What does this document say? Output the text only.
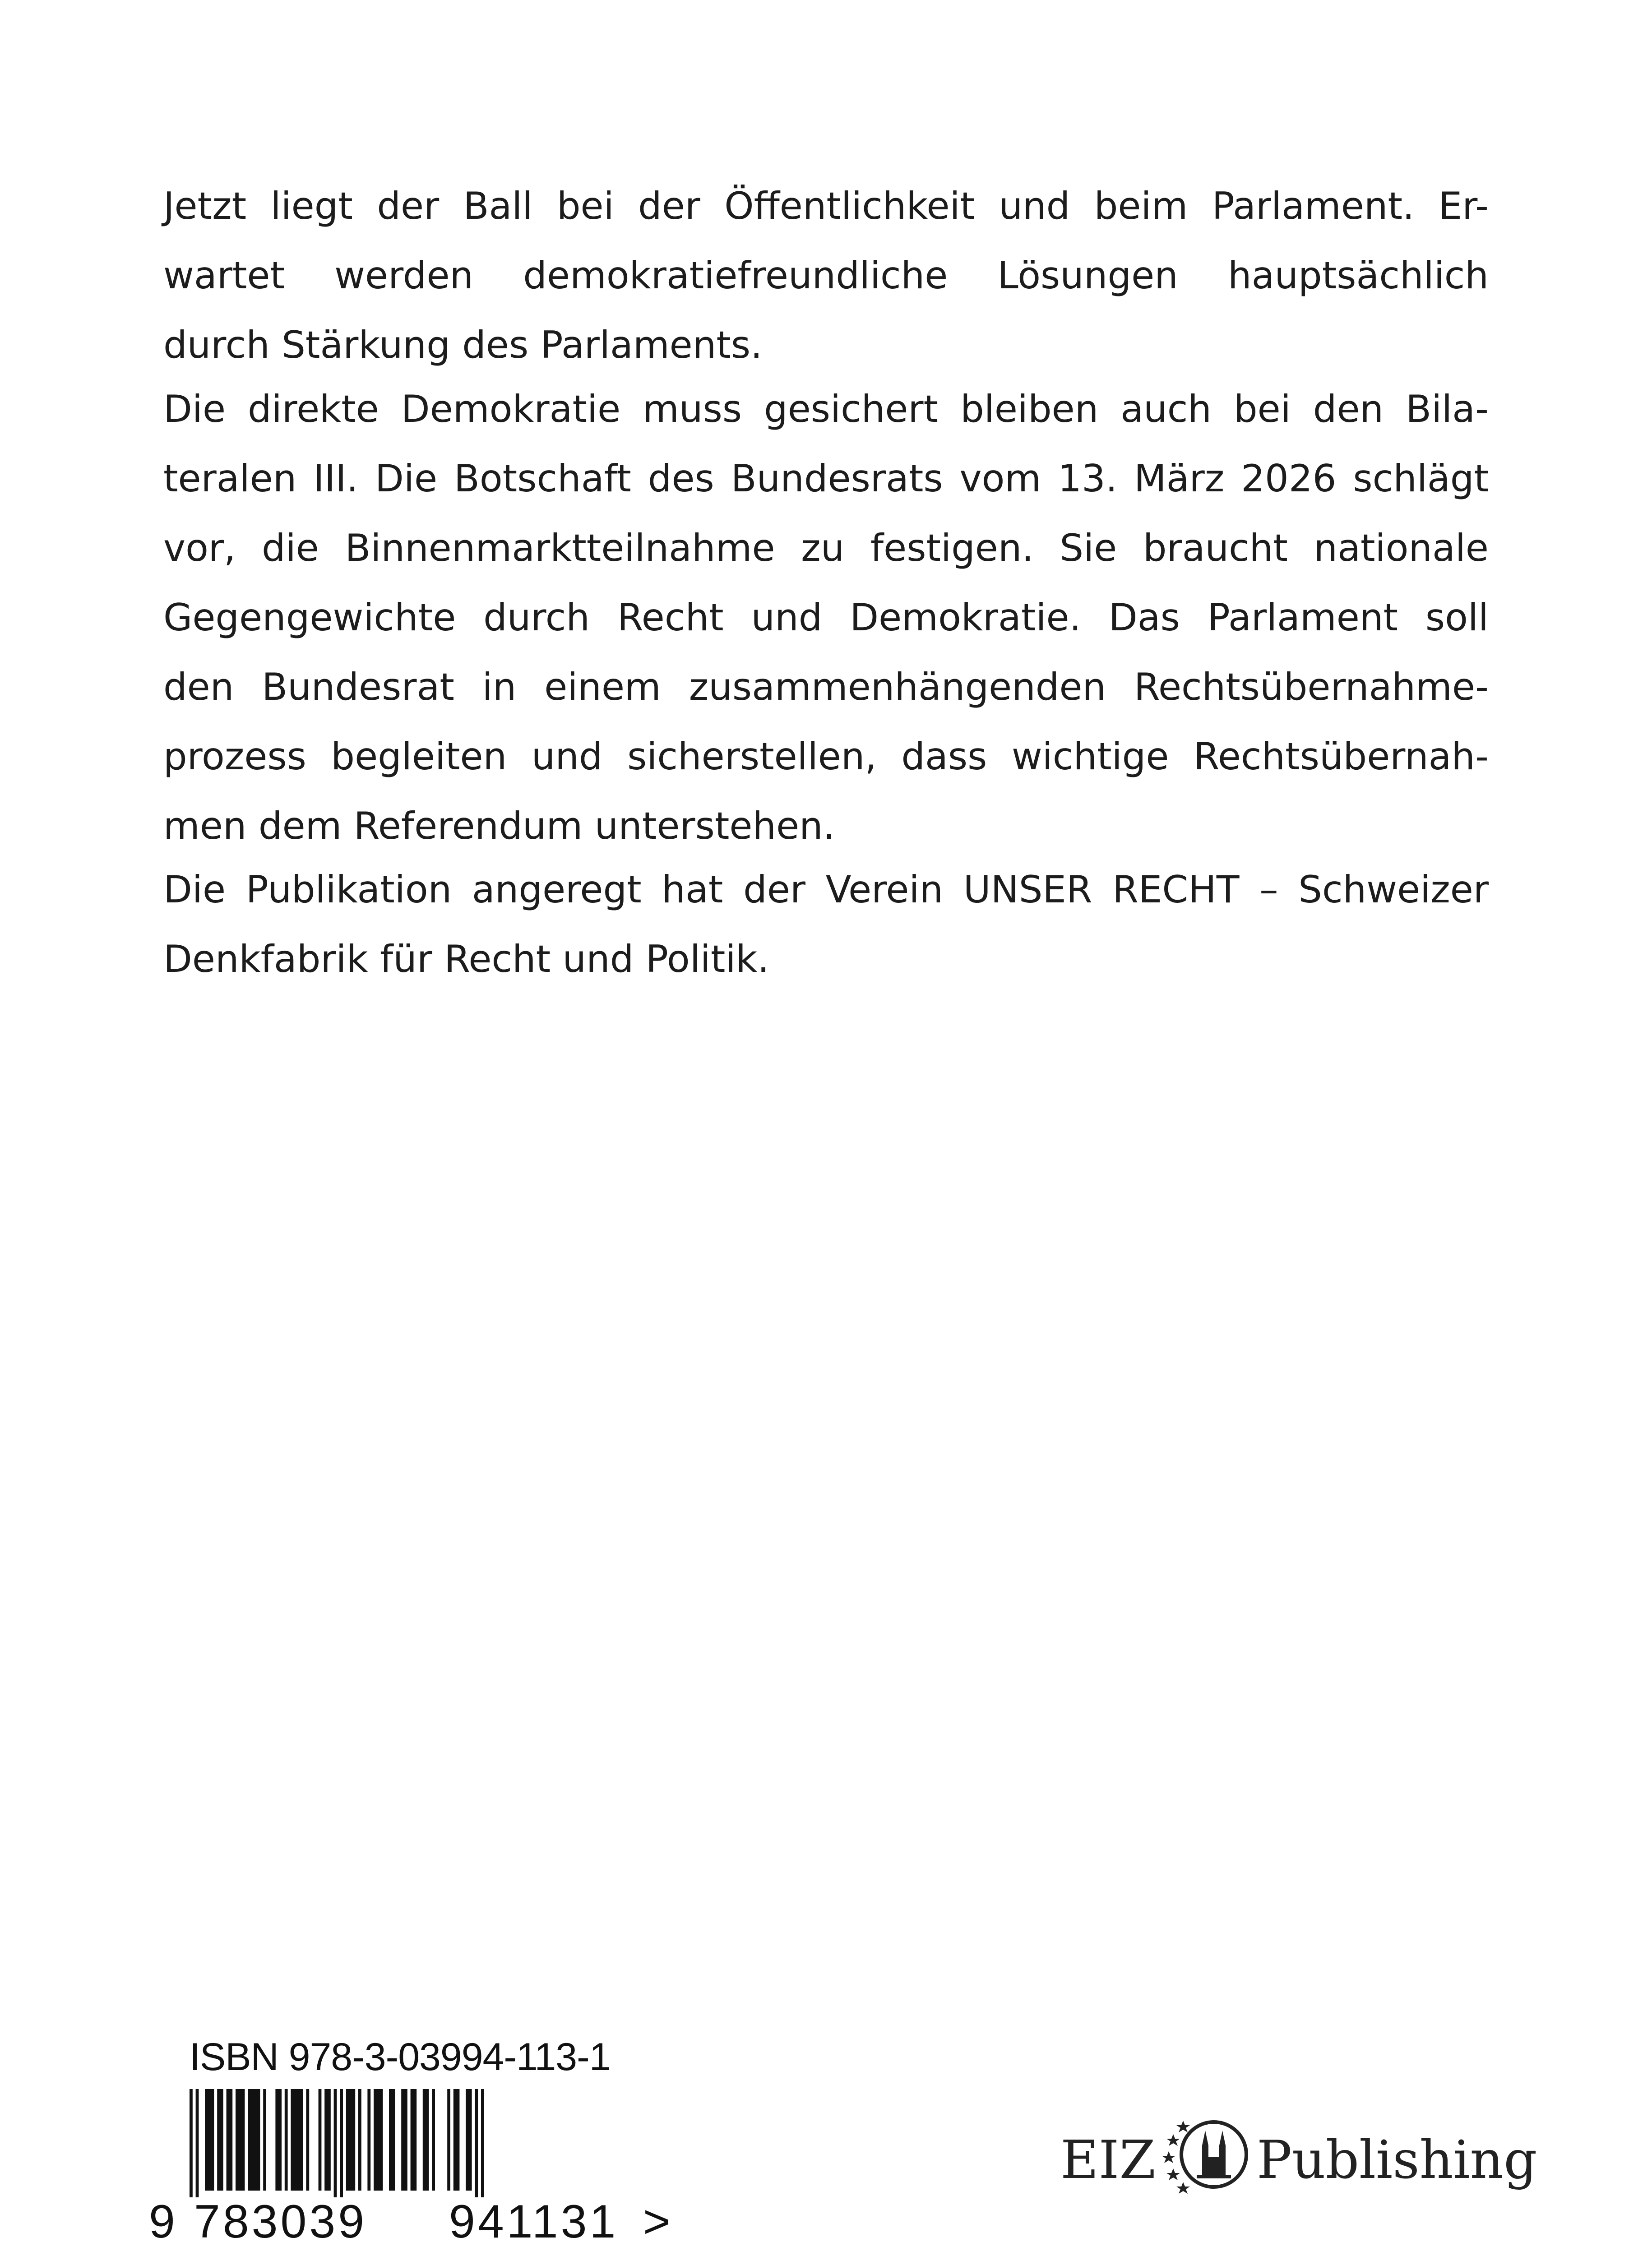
Jetzt liegt der Ball bei der Öffentlichkeit und beim Parlament. Er-
wartet werden demokratiefreundliche Lösungen hauptsächlich
durch Stärkung des Parlaments.
Die direkte Demokratie muss gesichert bleiben auch bei den Bila-
teralen III. Die Botschaft des Bundesrats vom 13. März 2026 schlägt
vor, die Binnenmarktteilnahme zu festigen. Sie braucht nationale
Gegengewichte durch Recht und Demokratie. Das Parlament soll
den Bundesrat in einem zusammenhängenden Rechtsübernahme-
prozess begleiten und sicherstellen, dass wichtige Rechtsübernah-
men dem Referendum unterstehen.
Die Publikation angeregt hat der Verein UNSER RECHT – Schweizer
Denkfabrik für Recht und Politik.
ISBN 978-3-03994-113-1
9 783039 941131 >
EIZ Publishing
